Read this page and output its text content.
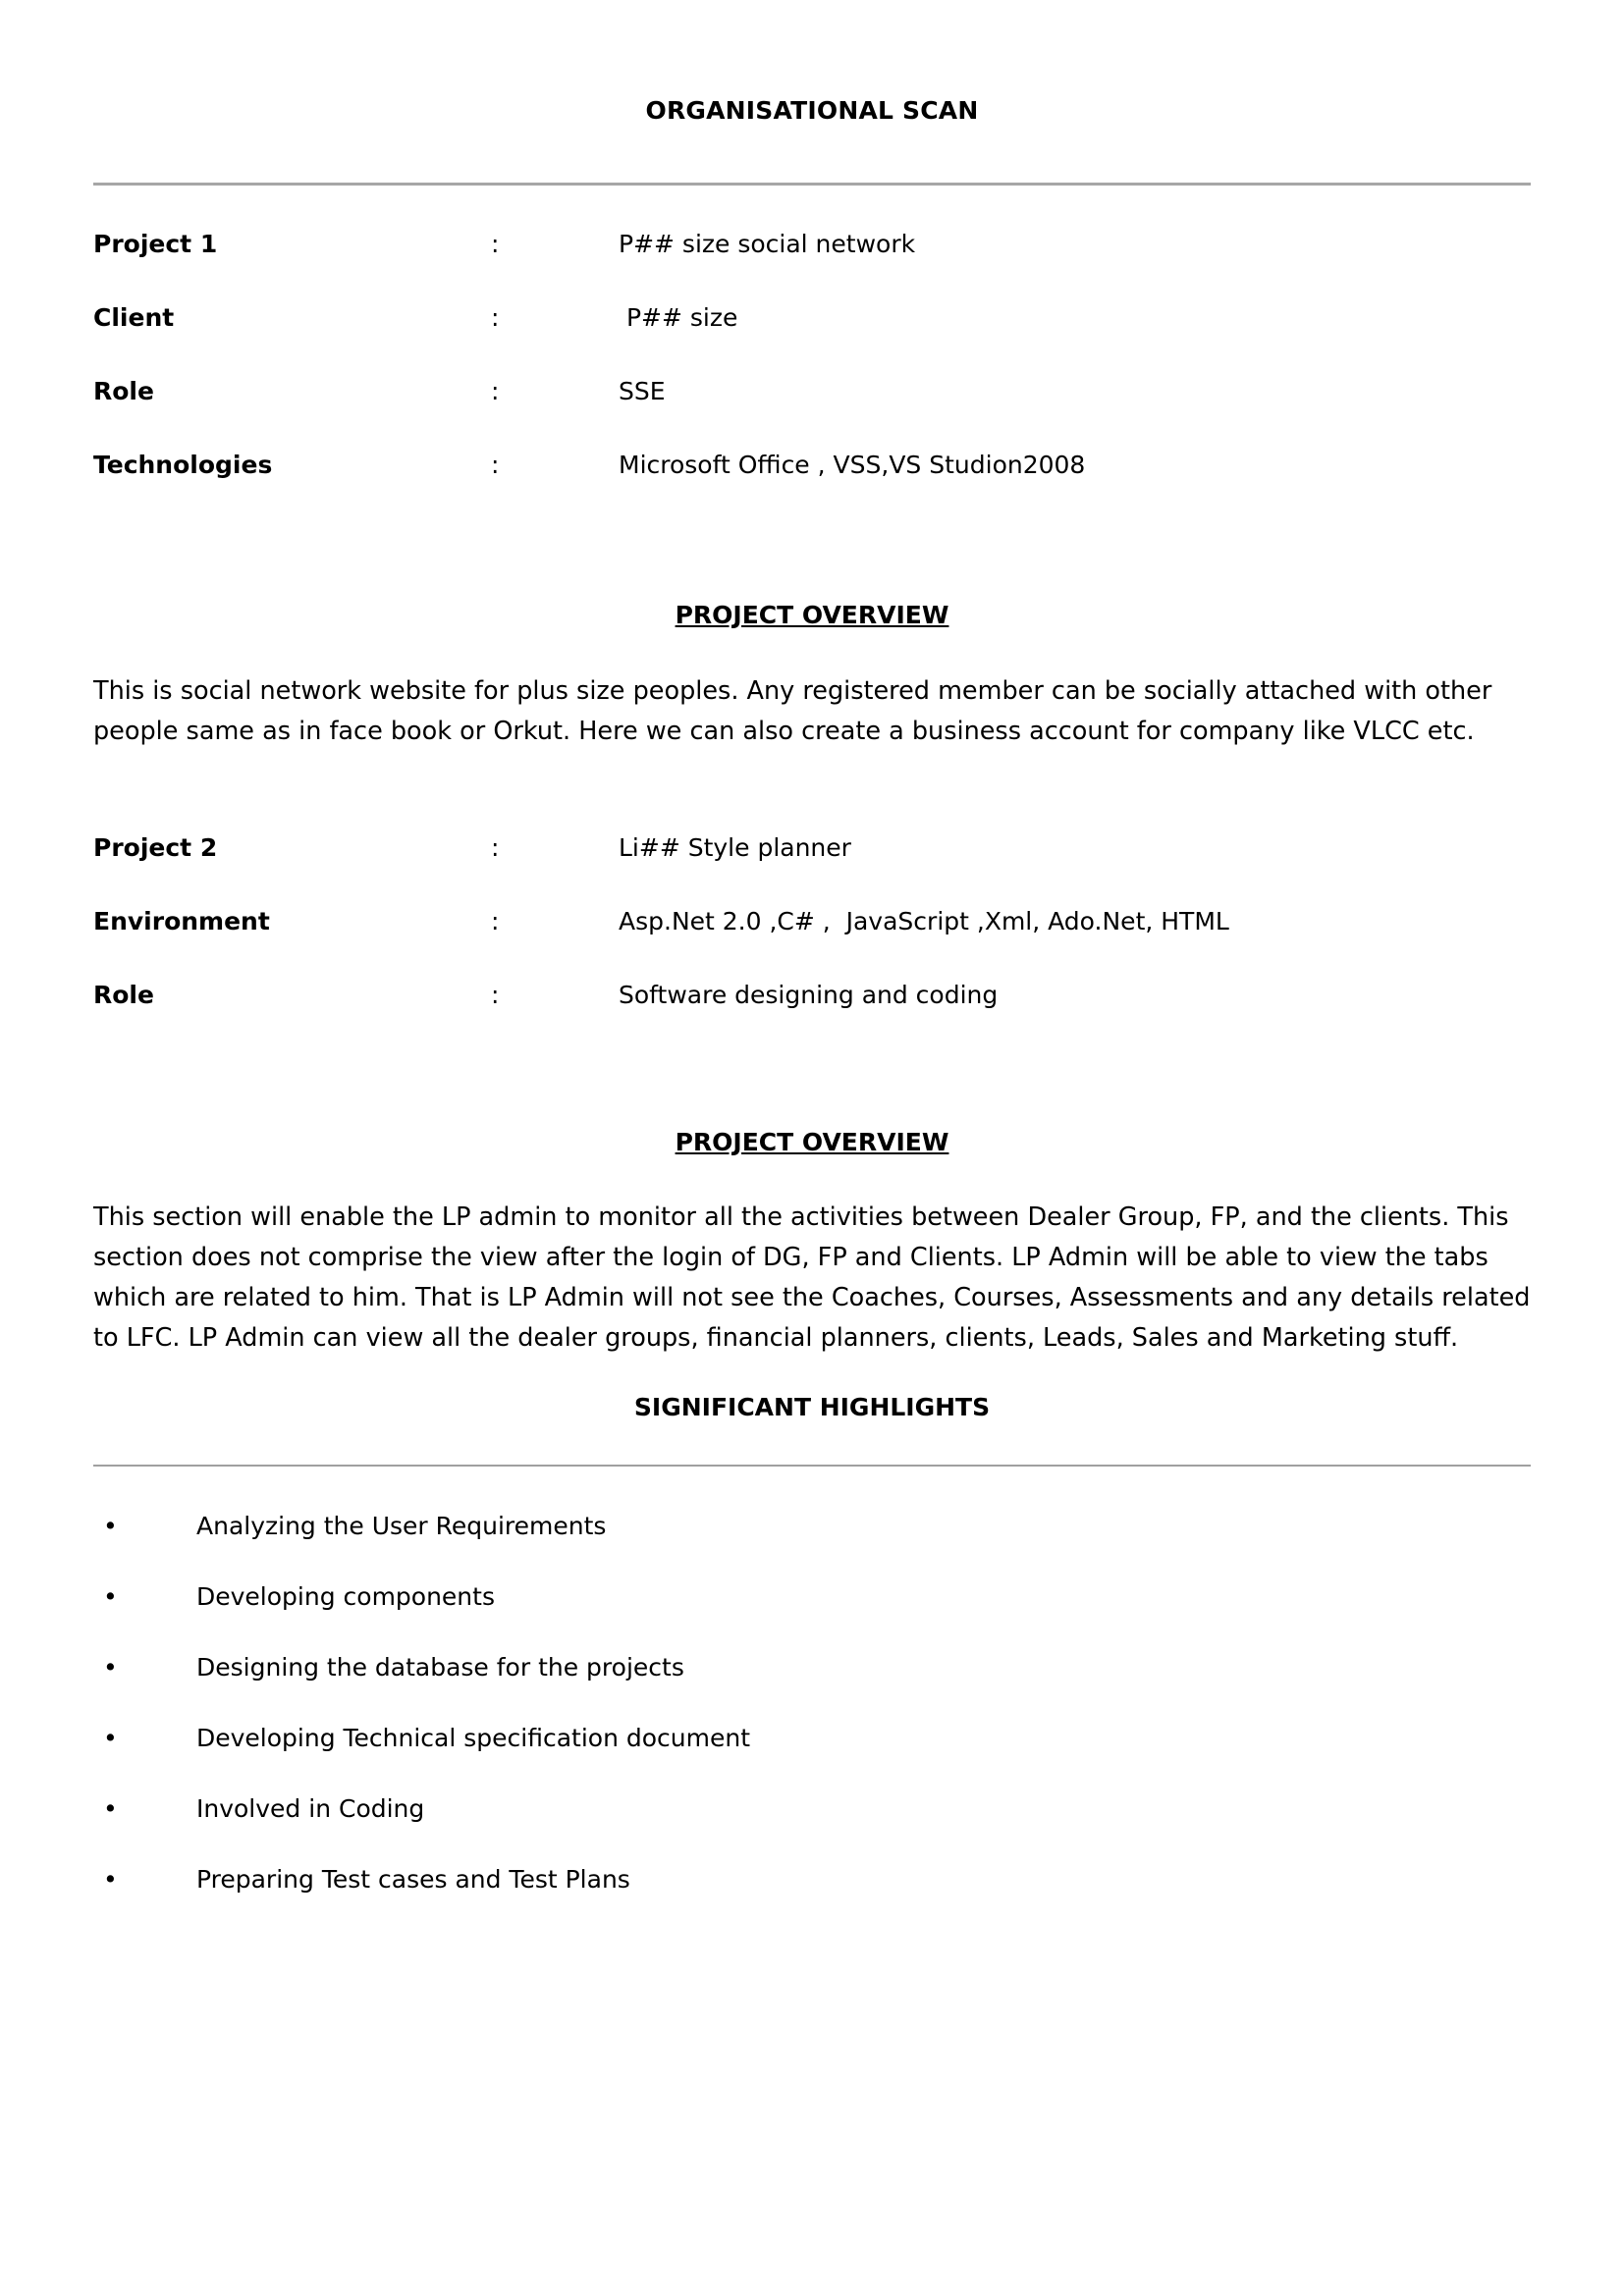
ORGANISATIONAL SCAN
Project 1	:	P## size social network
Client	:	P## size
Role	:	SSE
Technologies	:	Microsoft Office , VSS,VS Studion2008
PROJECT OVERVIEW

This is social network website for plus size peoples. Any registered member can be socially attached with other people same as in face book or Orkut. Here we can also create a business account for company like VLCC etc.

Project 2	:	Li## Style planner
Environment	:	Asp.Net 2.0 ,C# ,  JavaScript ,Xml, Ado.Net, HTML
Role	:	Software designing and coding
PROJECT OVERVIEW

This section will enable the LP admin to monitor all the activities between Dealer Group, FP, and the clients. This section does not comprise the view after the login of DG, FP and Clients. LP Admin will be able to view the tabs which are related to him. That is LP Admin will not see the Coaches, Courses, Assessments and any details related to LFC. LP Admin can view all the dealer groups, financial planners, clients, Leads, Sales and Marketing stuff.

SIGNIFICANT HIGHLIGHTS
•	Analyzing the User Requirements
•	Developing components
•	Designing the database for the projects
•	Developing Technical specification document
•	Involved in Coding
•	Preparing Test cases and Test Plans
